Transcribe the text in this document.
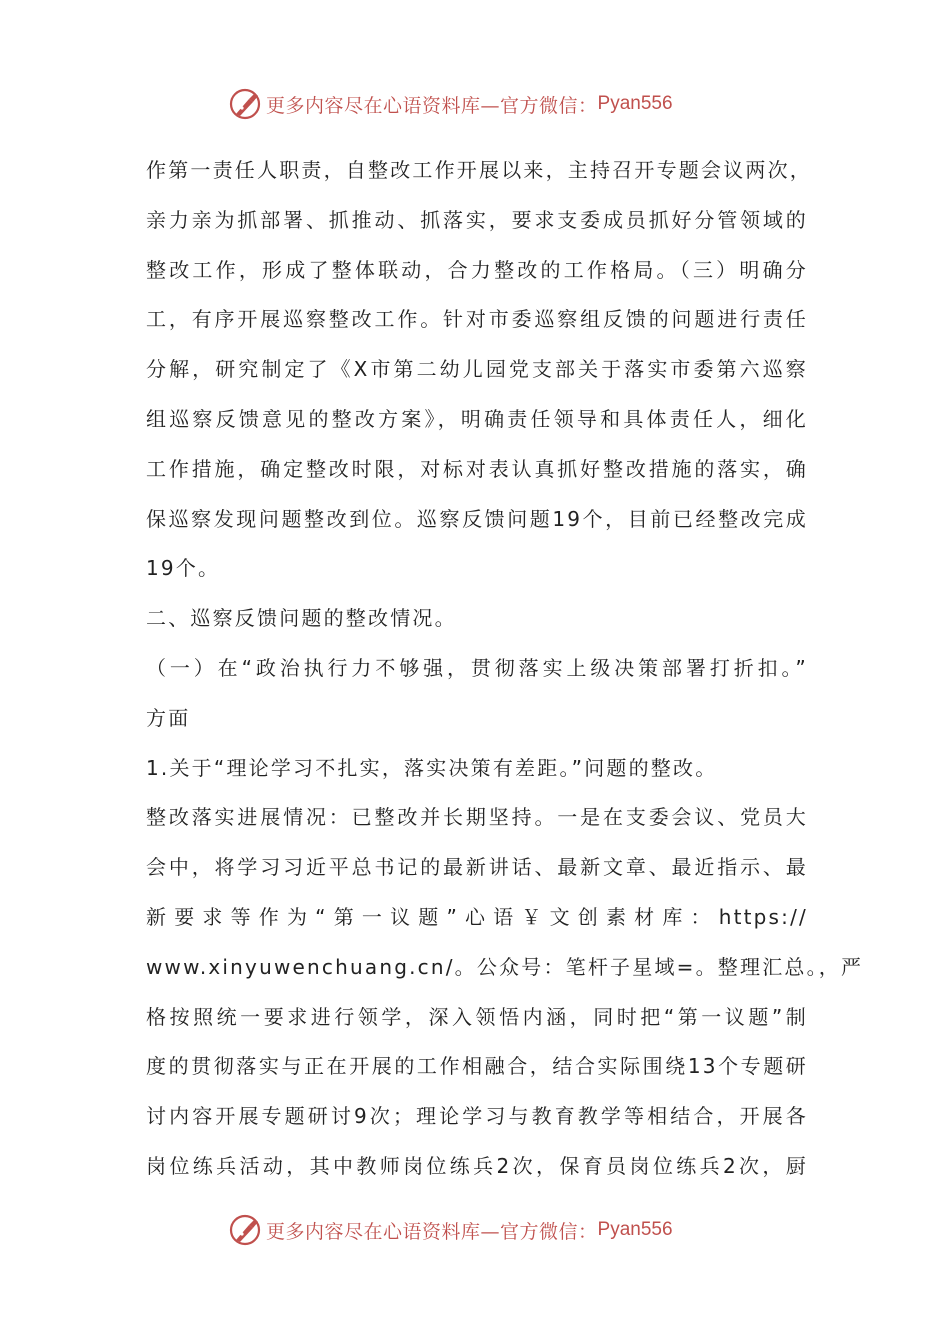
更多内容尽在心语资料库—官方微信： Pyan556
作第一责任人职责，自整改工作开展以来，主持召开专题会议两次，
亲力亲为抓部署、抓推动、抓落实，要求支委成员抓好分管领域的
整改工作，形成了整体联动，合力整改的工作格局。（三）明确分
工，有序开展巡察整改工作。针对市委巡察组反馈的问题进行责任
分解，研究制定了《X市第二幼儿园党支部关于落实市委第六巡察
组巡察反馈意见的整改方案》，明确责任领导和具体责任人，细化
工作措施，确定整改时限，对标对表认真抓好整改措施的落实，确
保巡察发现问题整改到位。巡察反馈问题19个，目前已经整改完成
19个。
二、巡察反馈问题的整改情况。
（一）在“政治执行力不够强，贯彻落实上级决策部署打折扣。”
方面
1.关于“理论学习不扎实，落实决策有差距。”问题的整改。
整改落实进展情况：已整改并长期坚持。一是在支委会议、党员大
会中，将学习习近平总书记的最新讲话、最新文章、最近指示、最
新要求等作为“第一议题”心语￥文创素材库：https://
www.xinyuwenchuang.cn/。公众号：笔杆子星域=。整理汇总。，严
格按照统一要求进行领学，深入领悟内涵，同时把“第一议题”制
度的贯彻落实与正在开展的工作相融合，结合实际围绕13个专题研
讨内容开展专题研讨9次；理论学习与教育教学等相结合，开展各
岗位练兵活动，其中教师岗位练兵2次，保育员岗位练兵2次，厨
更多内容尽在心语资料库—官方微信： Pyan556
